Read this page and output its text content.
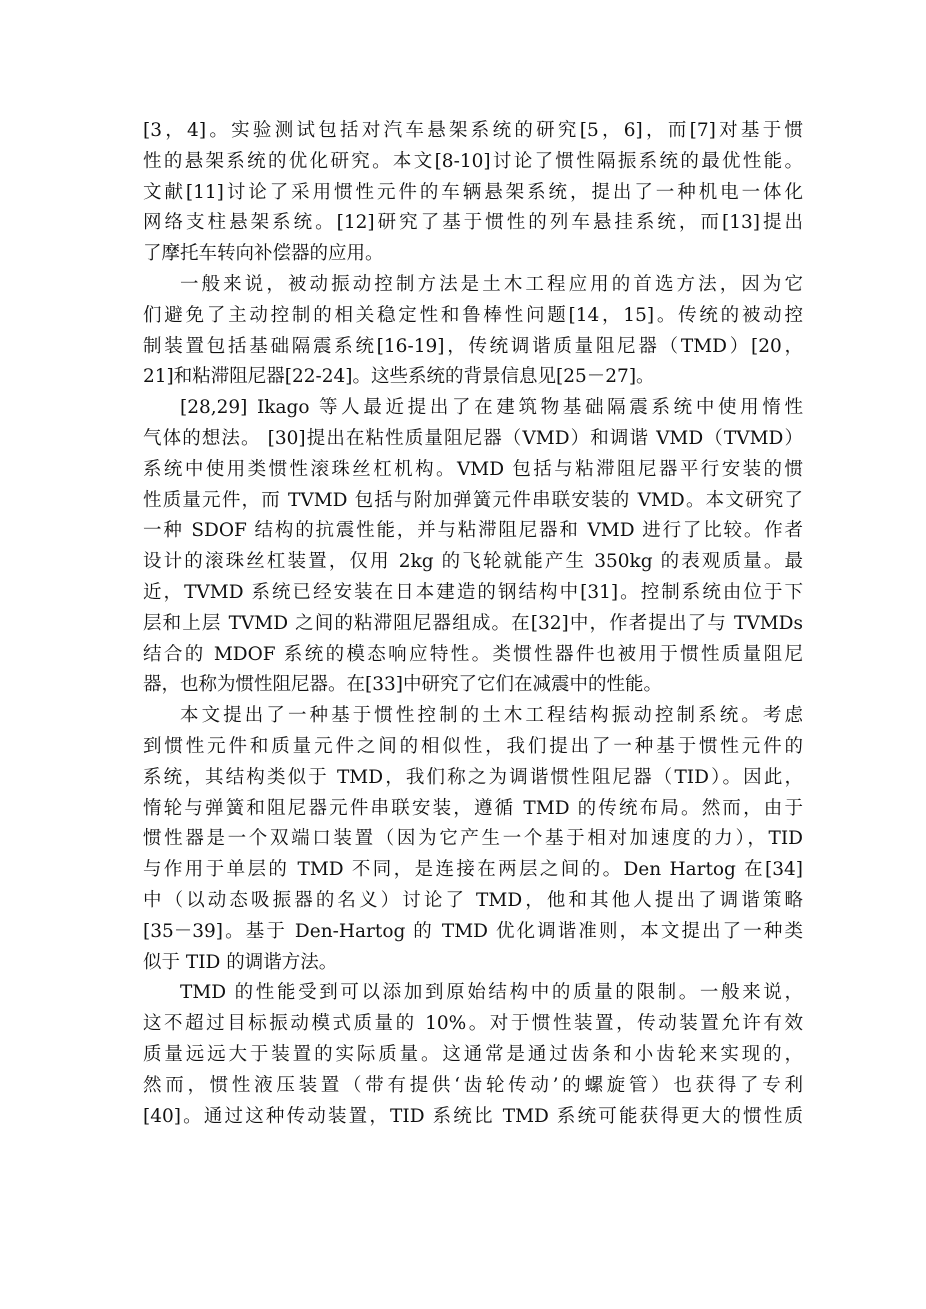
[3，4]。实验测试包括对汽车悬架系统的研究[5，6]，而[7]对基于惯
性的悬架系统的优化研究。本文[8-10]讨论了惯性隔振系统的最优性能。
文献[11]讨论了采用惯性元件的车辆悬架系统，提出了一种机电一体化
网络支柱悬架系统。[12]研究了基于惯性的列车悬挂系统，而[13]提出
了摩托车转向补偿器的应用。
一般来说，被动振动控制方法是土木工程应用的首选方法，因为它
们避免了主动控制的相关稳定性和鲁棒性问题[14，15]。传统的被动控
制装置包括基础隔震系统[16-19]，传统调谐质量阻尼器（TMD）[20，
21]和粘滞阻尼器[22-24]。这些系统的背景信息见[25－27]。
[28,29] Ikago 等人最近提出了在建筑物基础隔震系统中使用惰性
气体的想法。 [30]提出在粘性质量阻尼器（VMD）和调谐 VMD（TVMD）
系统中使用类惯性滚珠丝杠机构。VMD 包括与粘滞阻尼器平行安装的惯
性质量元件，而 TVMD 包括与附加弹簧元件串联安装的 VMD。本文研究了
一种 SDOF 结构的抗震性能，并与粘滞阻尼器和 VMD 进行了比较。作者
设计的滚珠丝杠装置，仅用 2kg 的飞轮就能产生 350kg 的表观质量。最
近，TVMD 系统已经安装在日本建造的钢结构中[31]。控制系统由位于下
层和上层 TVMD 之间的粘滞阻尼器组成。在[32]中，作者提出了与 TVMDs
结合的 MDOF 系统的模态响应特性。类惯性器件也被用于惯性质量阻尼
器，也称为惯性阻尼器。在[33]中研究了它们在减震中的性能。
本文提出了一种基于惯性控制的土木工程结构振动控制系统。考虑
到惯性元件和质量元件之间的相似性，我们提出了一种基于惯性元件的
系统，其结构类似于 TMD，我们称之为调谐惯性阻尼器（TID）。因此，
惰轮与弹簧和阻尼器元件串联安装，遵循 TMD 的传统布局。然而，由于
惯性器是一个双端口装置（因为它产生一个基于相对加速度的力），TID
与作用于单层的 TMD 不同，是连接在两层之间的。Den Hartog 在[34]
中（以动态吸振器的名义）讨论了 TMD，他和其他人提出了调谐策略
[35－39]。基于 Den-Hartog 的 TMD 优化调谐准则，本文提出了一种类
似于 TID 的调谐方法。
TMD 的性能受到可以添加到原始结构中的质量的限制。一般来说，
这不超过目标振动模式质量的 10%。对于惯性装置，传动装置允许有效
质量远远大于装置的实际质量。这通常是通过齿条和小齿轮来实现的，
然而，惯性液压装置（带有提供‘齿轮传动’的螺旋管）也获得了专利
[40]。通过这种传动装置，TID 系统比 TMD 系统可能获得更大的惯性质
